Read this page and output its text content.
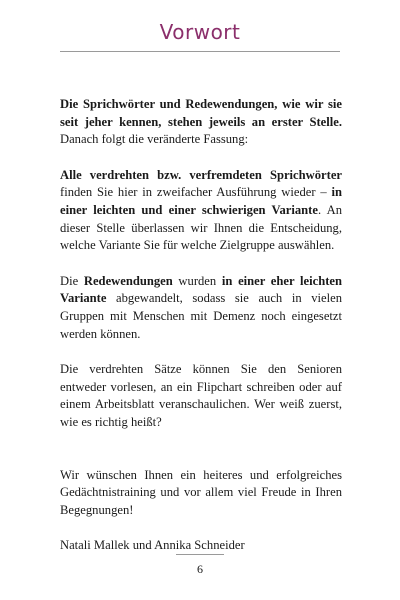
Vorwort

Die Sprichwörter und Redewendungen, wie wir sie seit jeher kennen, stehen jeweils an erster Stelle. Danach folgt die veränderte Fassung:

Alle verdrehten bzw. verfremdeten Sprichwörter finden Sie hier in zweifacher Ausführung wieder – in einer leichten und einer schwierigen Variante. An dieser Stelle überlassen wir Ihnen die Entscheidung, welche Variante Sie für welche Zielgruppe auswählen.

Die Redewendungen wurden in einer eher leichten Variante abgewandelt, sodass sie auch in vielen Gruppen mit Menschen mit Demenz noch eingesetzt werden können.

Die verdrehten Sätze können Sie den Senioren entweder vorlesen, an ein Flipchart schreiben oder auf einem Arbeitsblatt veranschaulichen. Wer weiß zuerst, wie es richtig heißt?

Wir wünschen Ihnen ein heiteres und erfolgreiches Gedächtnistraining und vor allem viel Freude in Ihren Begegnungen!

Natali Mallek und Annika Schneider

6
